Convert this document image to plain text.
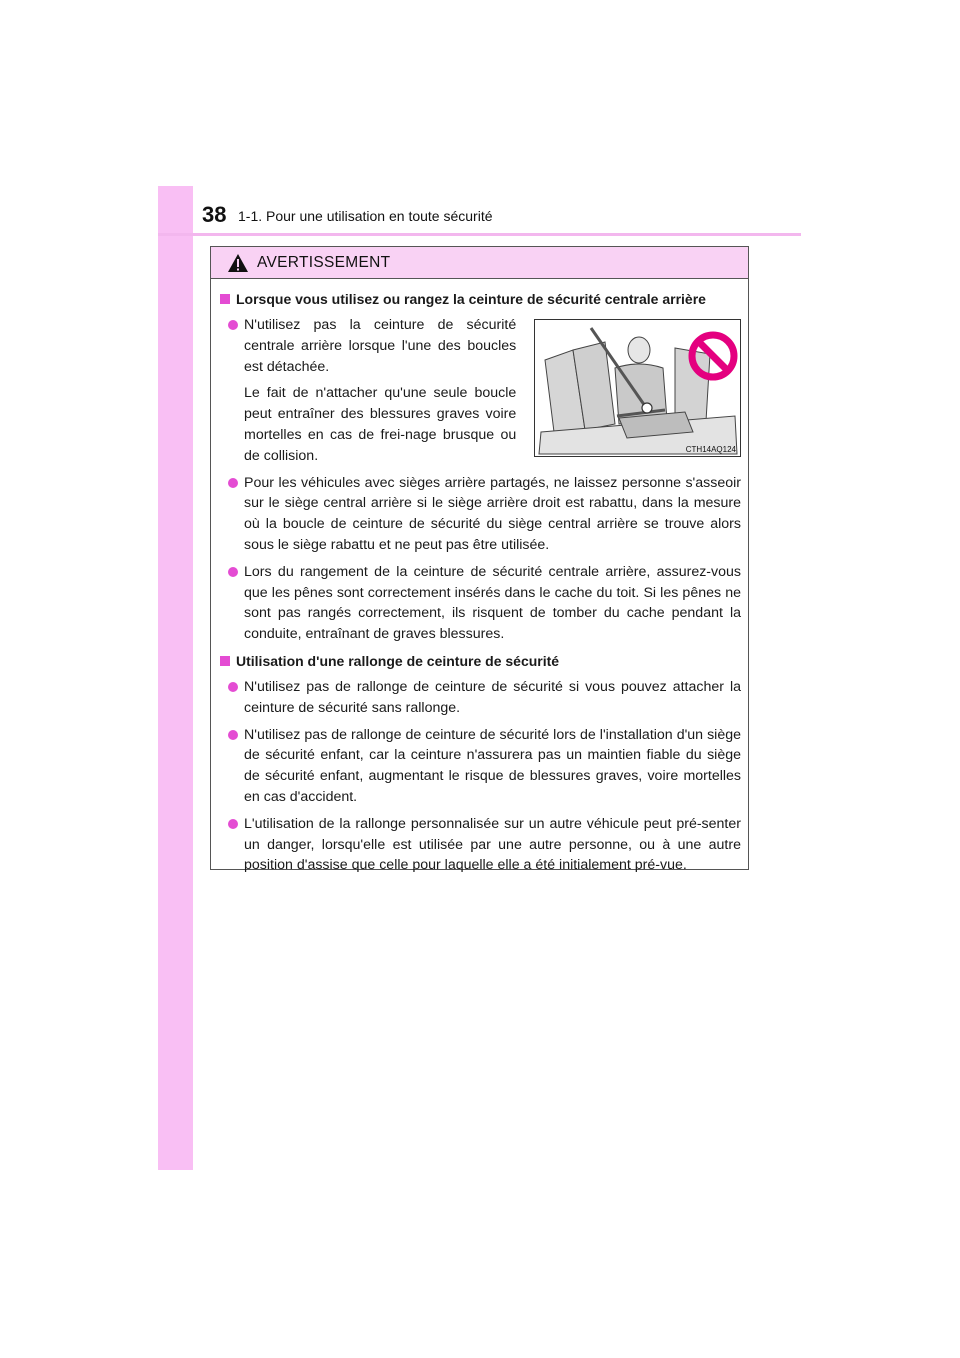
38 1-1. Pour une utilisation en toute sécurité
AVERTISSEMENT
Lorsque vous utilisez ou rangez la ceinture de sécurité centrale arrière
N'utilisez pas la ceinture de sécurité centrale arrière lorsque l'une des boucles est détachée.
Le fait de n'attacher qu'une seule boucle peut entraîner des blessures graves voire mortelles en cas de frei-nage brusque ou de collision.	CTH14AQ124
Pour les véhicules avec sièges arrière partagés, ne laissez personne s'asseoir sur le siège central arrière si le siège arrière droit est rabattu, dans la mesure où la boucle de ceinture de sécurité du siège central arrière se trouve alors sous le siège rabattu et ne peut pas être utilisée.
Lors du rangement de la ceinture de sécurité centrale arrière, assurez-vous que les pênes sont correctement insérés dans le cache du toit. Si les pênes ne sont pas rangés correctement, ils risquent de tomber du cache pendant la conduite, entraînant de graves blessures.
Utilisation d'une rallonge de ceinture de sécurité
N'utilisez pas de rallonge de ceinture de sécurité si vous pouvez attacher la ceinture de sécurité sans rallonge.
N'utilisez pas de rallonge de ceinture de sécurité lors de l'installation d'un siège de sécurité enfant, car la ceinture n'assurera pas un maintien fiable du siège de sécurité enfant, augmentant le risque de blessures graves, voire mortelles en cas d'accident.
L'utilisation de la rallonge personnalisée sur un autre véhicule peut pré-senter un danger, lorsqu'elle est utilisée par une autre personne, ou à une autre position d'assise que celle pour laquelle elle a été initialement pré-vue.
